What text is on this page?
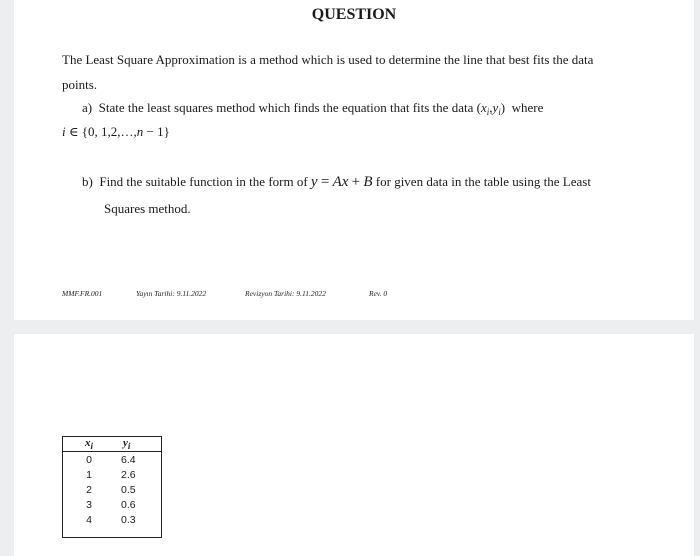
QUESTION
The Least Square Approximation is a method which is used to determine the line that best fits the data
points.
a) State the least squares method which finds the equation that fits the data $(x_i,y_i)$ where
i ∈ {0, 1,2,…,n − 1}
b) Find the suitable function in the form of y = Ax + B for given data in the table using the Least
Squares method.
MMF.FR.001	Yayın Tarihi: 9.11.2022	Revizyon Tarihi: 9.11.2022	Rev. 0
$x_i$	$y_i$
0	6.4
1	2.6
2	0.5
3	0.6
4	0.3
